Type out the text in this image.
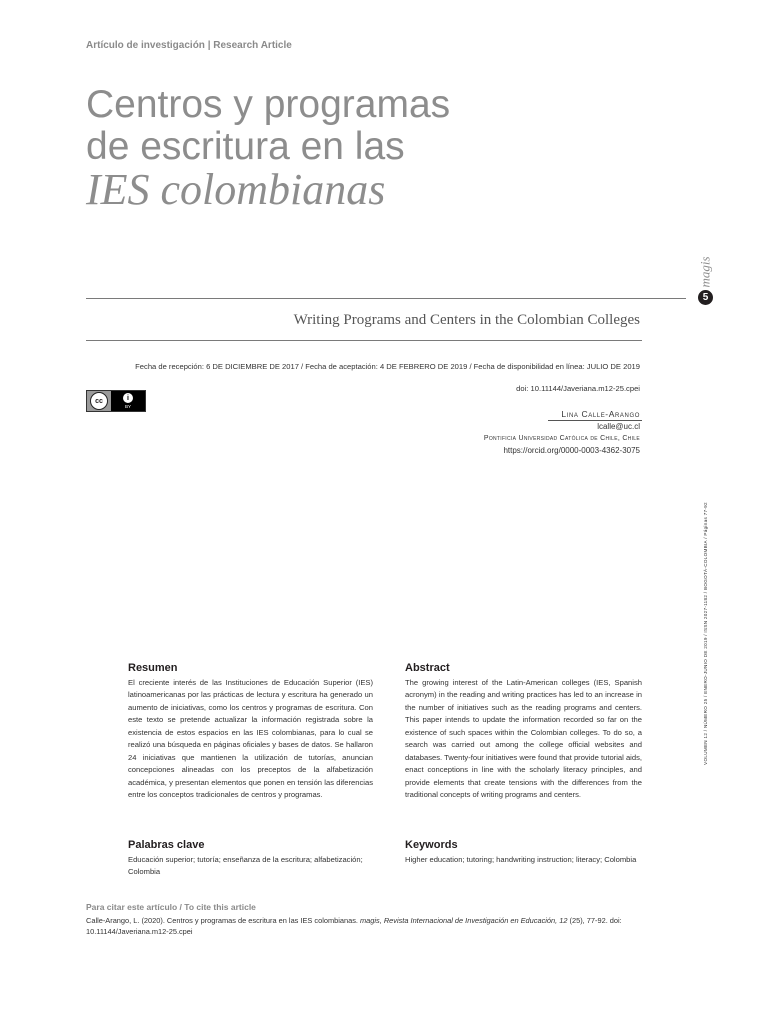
Artículo de investigación | Research Article
Centros y programas
de escritura en las
IES colombianas
Writing Programs and Centers in the Colombian Colleges
Fecha de recepción: 6 DE DICIEMBRE DE 2017 / Fecha de aceptación: 4 DE FEBRERO DE 2019 / Fecha de disponibilidad en línea: JULIO DE 2019
doi: 10.11144/Javeriana.m12-25.cpei
cc	i
BY
Lina Calle-Arango
lcalle@uc.cl
Pontificia Universidad Católica de Chile, Chile
https://orcid.org/0000-0003-4362-3075
magis
5
VOLUMEN 12 / NÚMERO 25 / ENERO-JUNIO DE 2019 / ISSN 2027-1182 / BOGOTÁ-COLOMBIA / Páginas 77-92
Resumen

El creciente interés de las Instituciones de Educación Superior (IES) latinoamericanas por las prácticas de lectura y escritura ha generado un aumento de iniciativas, como los centros y programas de escritura. Con este texto se pretende actualizar la información registrada sobre la existencia de estos espacios en las IES colombianas, para lo cual se realizó una búsqueda en páginas oficiales y bases de datos. Se hallaron 24 iniciativas que mantienen la utilización de tutorías, anuncian concepciones alineadas con los preceptos de la alfabetización académica, y presentan elementos que ponen en tensión las diferencias entre los conceptos tradicionales de centros y programas.

Abstract

The growing interest of the Latin-American colleges (IES, Spanish acronym) in the reading and writing practices has led to an increase in the number of initiatives such as the reading programs and centers. This paper intends to update the information recorded so far on the existence of such spaces within the Colombian colleges. To do so, a search was carried out among the college official websites and databases. Twenty-four initiatives were found that provide tutorial aids, enact conceptions in line with the scholarly literacy principles, and provide elements that create tensions with the differences from the traditional concepts of writing programs and centers.

Palabras clave

Educación superior; tutoría; enseñanza de la escritura; alfabetización; Colombia

Keywords

Higher education; tutoring; handwriting instruction; literacy; Colombia

Para citar este artículo / To cite this article
Calle-Arango, L. (2020). Centros y programas de escritura en las IES colombianas. magis, Revista Internacional de Investigación en Educación, 12 (25), 77-92. doi: 10.11144/Javeriana.m12-25.cpei
